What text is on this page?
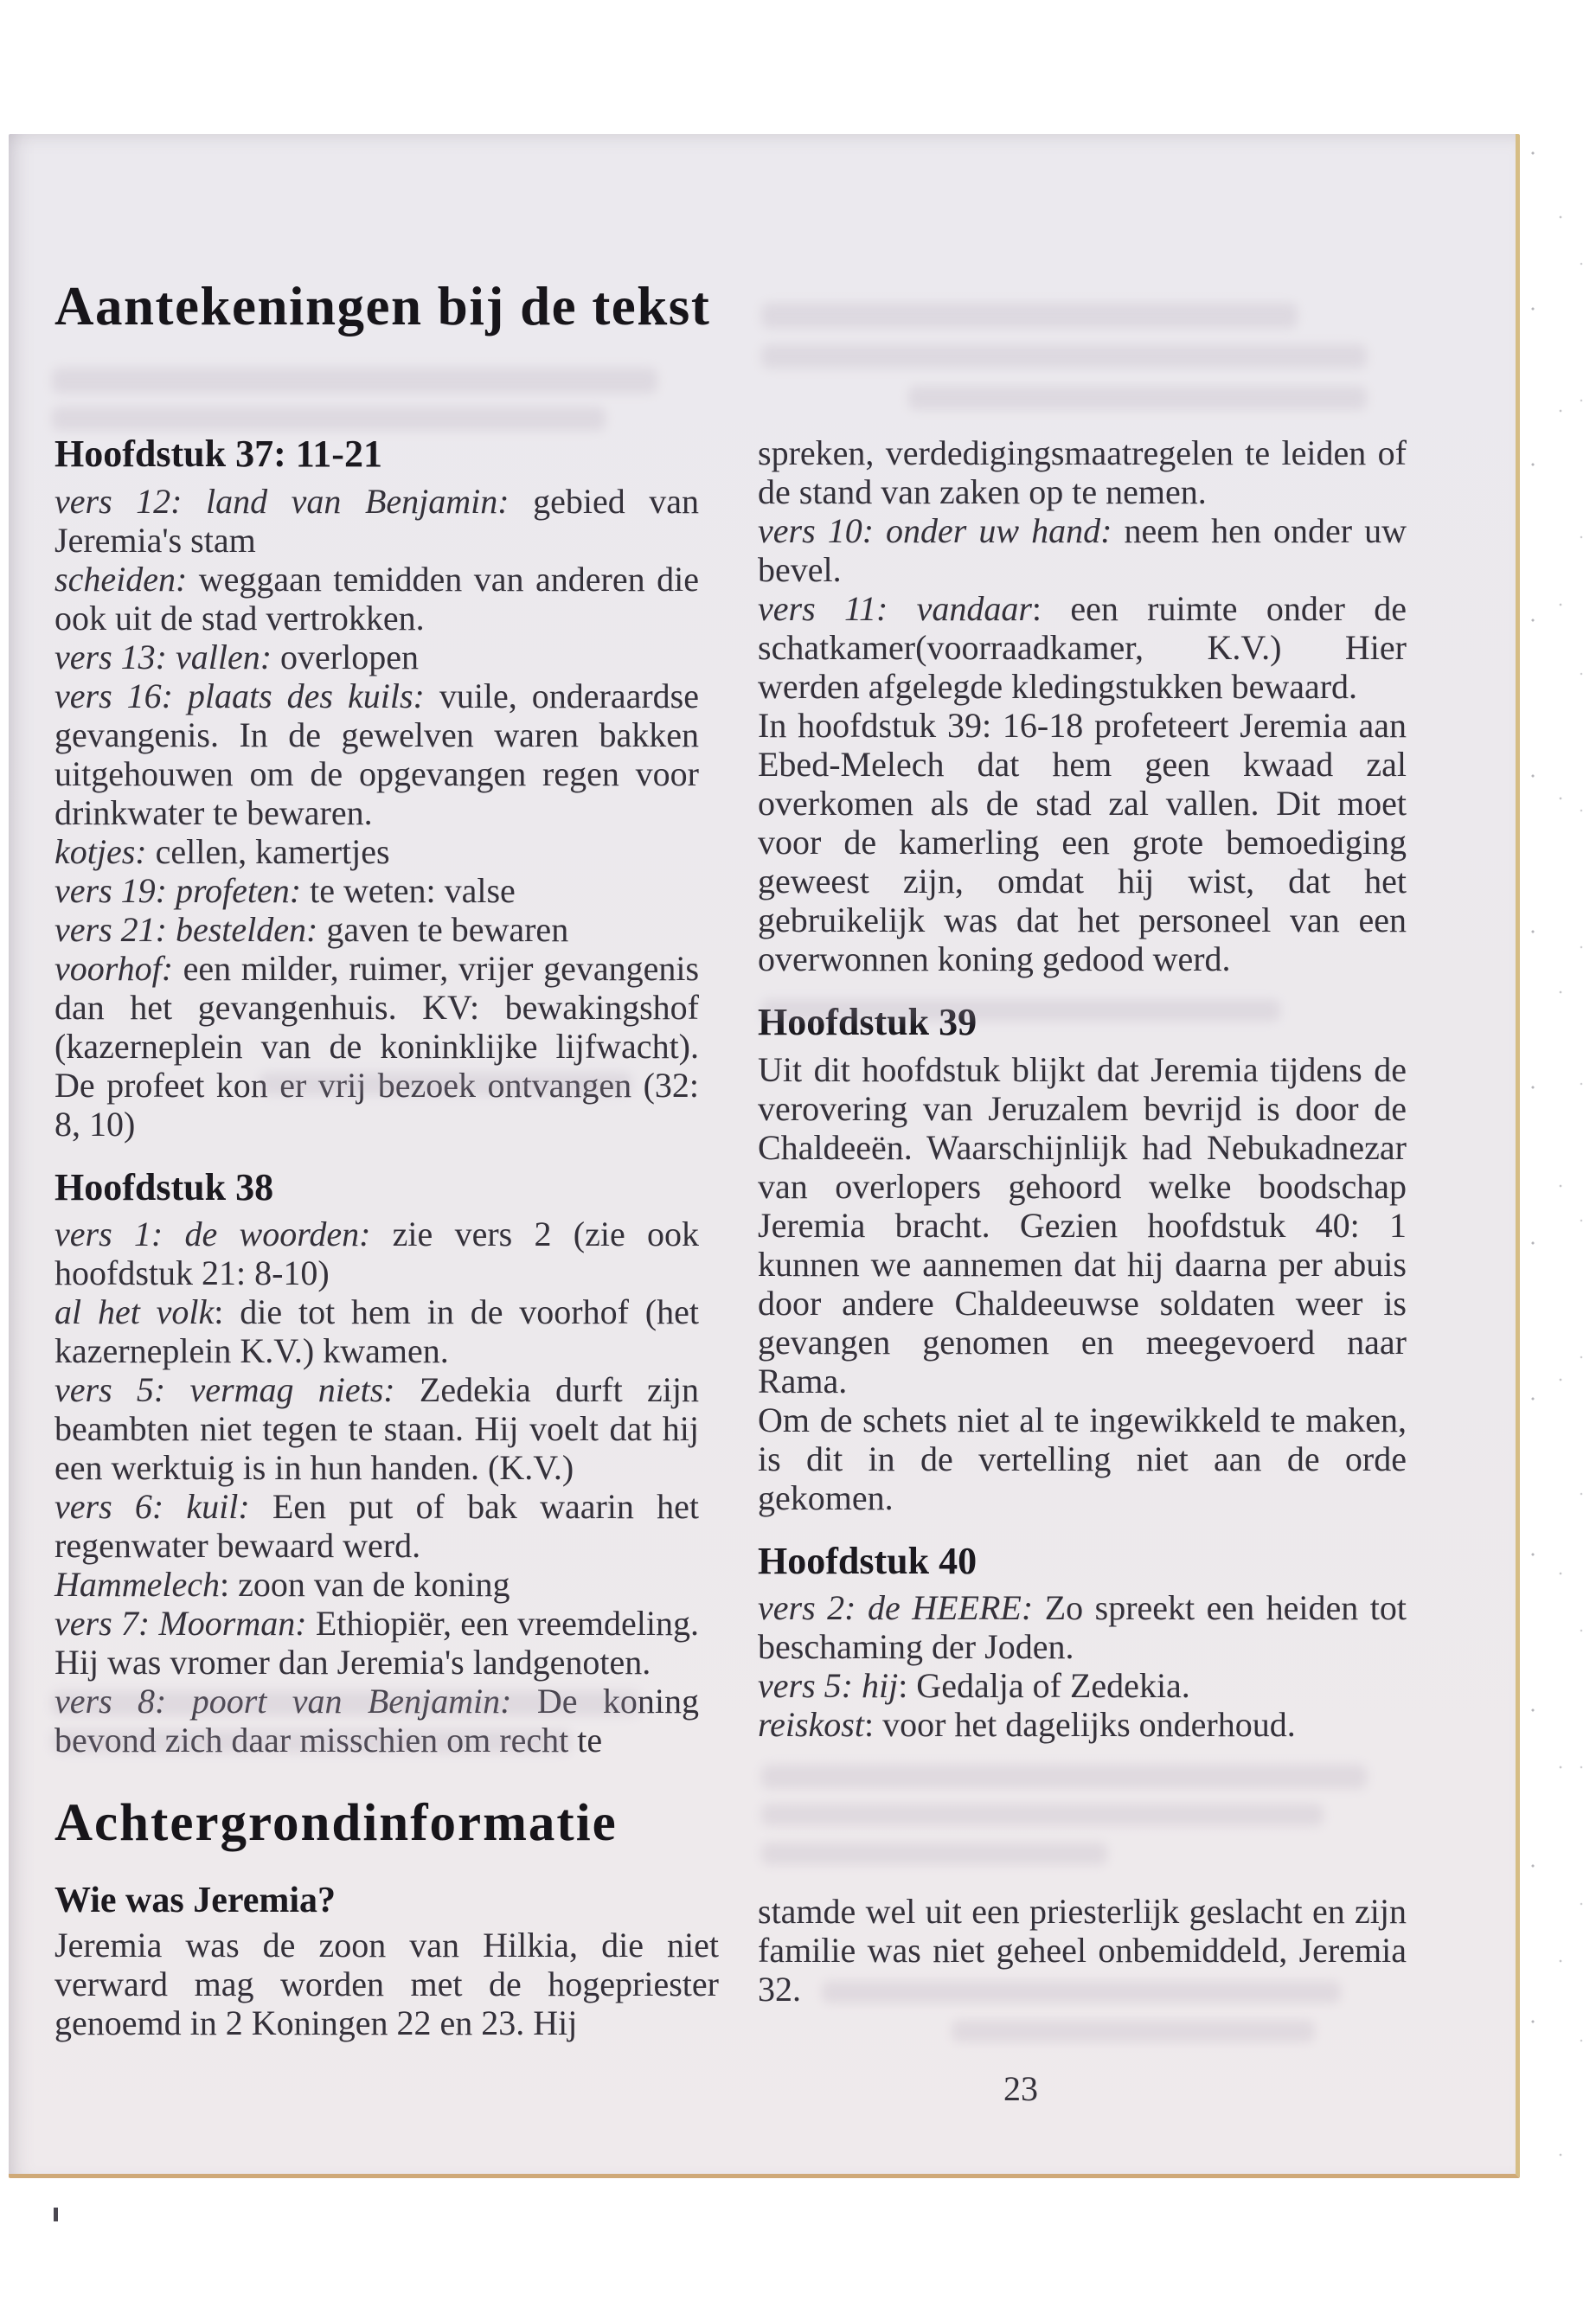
Aantekeningen bij de tekst
Hoofdstuk 37: 11-21

vers 12: land van Benjamin: gebied van Jeremia's stam

scheiden: weggaan temidden van anderen die ook uit de stad vertrokken.

vers 13: vallen: overlopen

vers 16: plaats des kuils: vuile, onderaardse gevangenis. In de gewelven waren bakken uitgehouwen om de opgevangen regen voor drinkwater te bewaren.

kotjes: cellen, kamertjes

vers 19: profeten: te weten: valse

vers 21: bestelden: gaven te bewaren

voorhof: een milder, ruimer, vrijer gevangenis dan het gevangenhuis. KV: bewakingshof (kazerneplein van de koninklijke lijfwacht). De profeet kon er vrij bezoek ontvangen (32: 8, 10)

Hoofdstuk 38

vers 1: de woorden: zie vers 2 (zie ook hoofdstuk 21: 8-10)

al het volk: die tot hem in de voorhof (het kazerneplein K.V.) kwamen.

vers 5: vermag niets: Zedekia durft zijn beambten niet tegen te staan. Hij voelt dat hij een werktuig is in hun handen. (K.V.)

vers 6: kuil: Een put of bak waarin het regenwater bewaard werd.

Hammelech: zoon van de koning

vers 7: Moorman: Ethiopiër, een vreemdeling. Hij was vromer dan Jeremia's landgenoten.

vers 8: poort van Benjamin: De koning bevond zich daar misschien om recht te

spreken, verdedigingsmaatregelen te leiden of de stand van zaken op te nemen.

vers 10: onder uw hand: neem hen onder uw bevel.

vers 11: vandaar: een ruimte onder de schatkamer(voorraadkamer, K.V.) Hier werden afgelegde kledingstukken bewaard.

In hoofdstuk 39: 16-18 profeteert Jeremia aan Ebed-Melech dat hem geen kwaad zal overkomen als de stad zal vallen. Dit moet voor de kamerling een grote bemoediging geweest zijn, omdat hij wist, dat het gebruikelijk was dat het personeel van een overwonnen koning gedood werd.

Hoofdstuk 39

Uit dit hoofdstuk blijkt dat Jeremia tijdens de verovering van Jeruzalem bevrijd is door de Chaldeeën. Waarschijnlijk had Nebukadnezar van overlopers gehoord welke boodschap Jeremia bracht. Gezien hoofdstuk 40: 1 kunnen we aannemen dat hij daarna per abuis door andere Chaldeeuwse soldaten weer is gevangen genomen en meegevoerd naar Rama.

Om de schets niet al te ingewikkeld te maken, is dit in de vertelling niet aan de orde gekomen.

Hoofdstuk 40

vers 2: de HEERE: Zo spreekt een heiden tot beschaming der Joden.

vers 5: hij: Gedalja of Zedekia.

reiskost: voor het dagelijks onderhoud.

Achtergrondinformatie
Wie was Jeremia?

Jeremia was de zoon van Hilkia, die niet verward mag worden met de hogepriester genoemd in 2 Koningen 22 en 23. Hij

stamde wel uit een priesterlijk geslacht en zijn familie was niet geheel onbemiddeld, Jeremia 32.

23
